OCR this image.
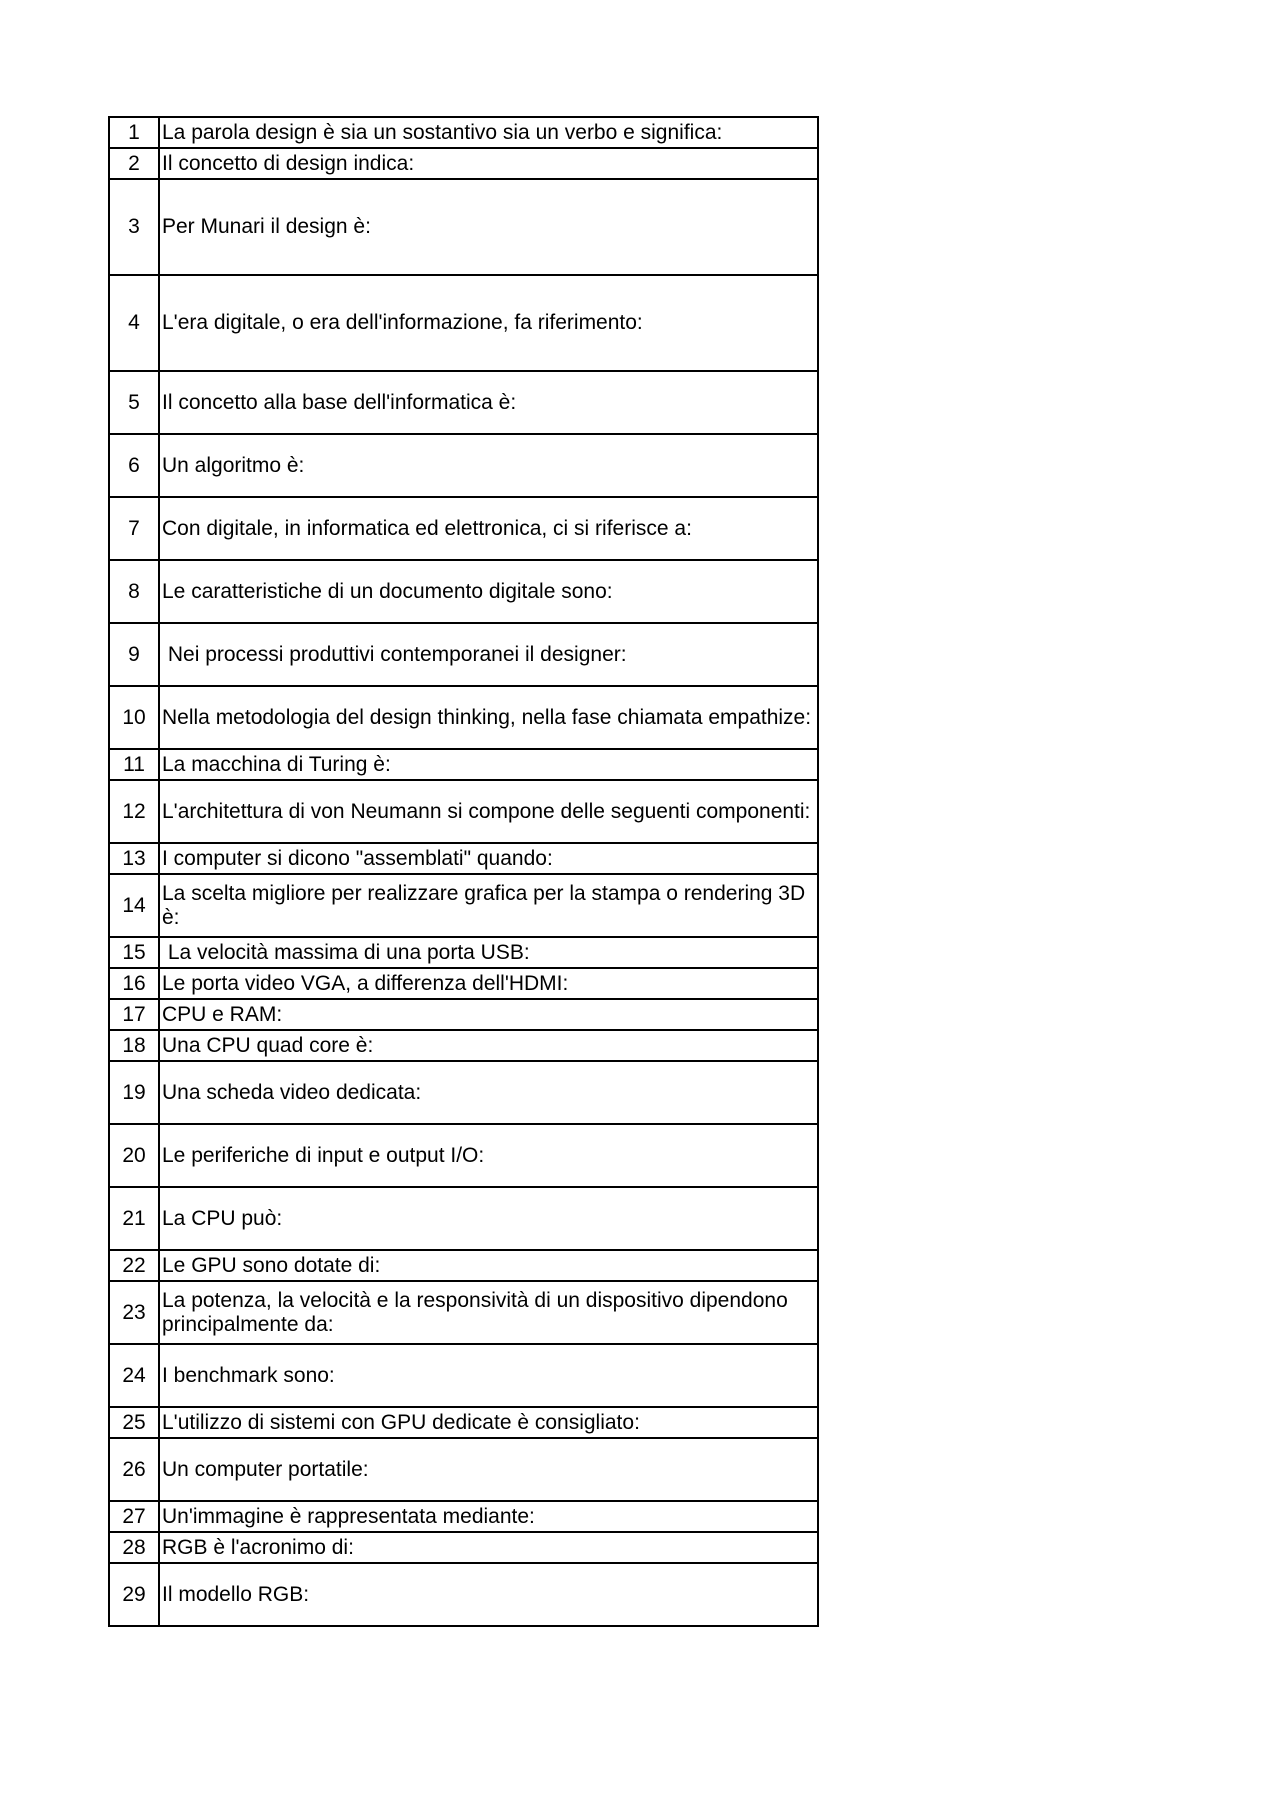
1	La parola design è sia un sostantivo sia un verbo e significa:
2	Il concetto di design indica:
3	Per Munari il design è:
4	L'era digitale, o era dell'informazione, fa riferimento:
5	Il concetto alla base dell'informatica è:
6	Un algoritmo è:
7	Con digitale, in informatica ed elettronica, ci si riferisce a:
8	Le caratteristiche di un documento digitale sono:
9	Nei processi produttivi contemporanei il designer:
10	Nella metodologia del design thinking, nella fase chiamata empathize:
11	La macchina di Turing è:
12	L'architettura di von Neumann si compone delle seguenti componenti:
13	I computer si dicono "assemblati" quando:
14	La scelta migliore per realizzare grafica per la stampa o rendering 3D è:
15	La velocità massima di una porta USB:
16	Le porta video VGA, a differenza dell'HDMI:
17	CPU e RAM:
18	Una CPU quad core è:
19	Una scheda video dedicata:
20	Le periferiche di input e output I/O:
21	La CPU può:
22	Le GPU sono dotate di:
23	La potenza, la velocità e la responsività di un dispositivo dipendono principalmente da:
24	I benchmark sono:
25	L'utilizzo di sistemi con GPU dedicate è consigliato:
26	Un computer portatile:
27	Un'immagine è rappresentata mediante:
28	RGB è l'acronimo di:
29	Il modello RGB:
